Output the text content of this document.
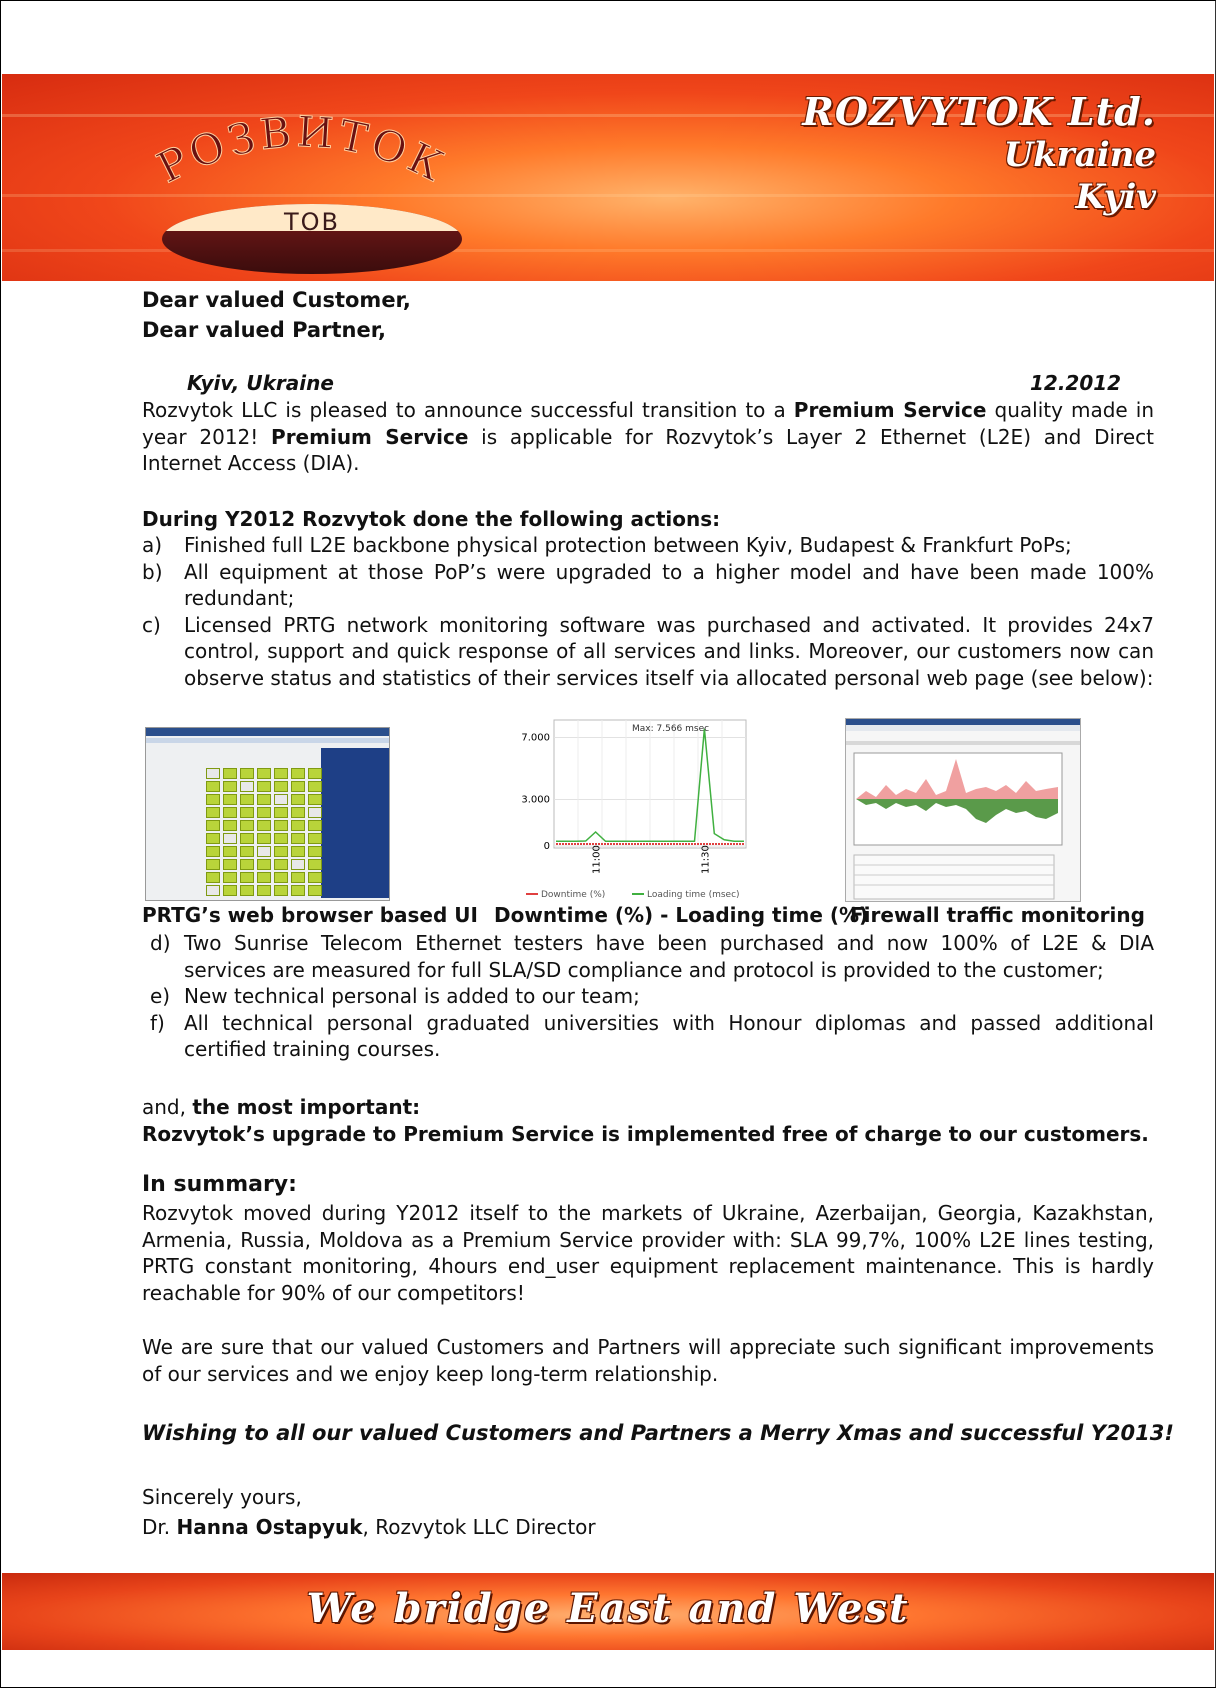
РОЗВИТОК
ТОВ
ROZVYTOK Ltd.
Ukraine
Kyiv
Dear valued Customer,
Dear valued Partner,
Kyiv, Ukraine	12.2012
Rozvytok LLC is pleased to announce successful transition to a Premium Service quality made in year 2012! Premium Service is applicable for Rozvytok’s Layer 2 Ethernet (L2E) and Direct Internet Access (DIA).
During Y2012 Rozvytok done the following actions:
a) Finished full L2E backbone physical protection between Kyiv, Budapest & Frankfurt PoPs;
b) All equipment at those PoP’s were upgraded to a higher model and have been made 100% redundant;
c) Licensed PRTG network monitoring software was purchased and activated. It provides 24x7 control, support and quick response of all services and links. Moreover, our customers now can observe status and statistics of their services itself via allocated personal web page (see below):
7.000
3.000
0	11:00	11:30
Max: 7.566 msec
Downtime (%)	Loading time (msec)
PRTG’s web browser based UI Downtime (%) - Loading time (%)
Firewall traffic monitoring
d) Two Sunrise Telecom Ethernet testers have been purchased and now 100% of L2E & DIA services are measured for full SLA/SD compliance and protocol is provided to the customer;
e) New technical personal is added to our team;
f) All technical personal graduated universities with Honour diplomas and passed additional certified training courses.
and, the most important:
Rozvytok’s upgrade to Premium Service is implemented free of charge to our customers.
In summary:
Rozvytok moved during Y2012 itself to the markets of Ukraine, Azerbaijan, Georgia, Kazakhstan, Armenia, Russia, Moldova as a Premium Service provider with: SLA 99,7%, 100% L2E lines testing, PRTG constant monitoring, 4hours end_user equipment replacement maintenance. This is hardly reachable for 90% of our competitors!
We are sure that our valued Customers and Partners will appreciate such significant improvements of our services and we enjoy keep long-term relationship.
Wishing to all our valued Customers and Partners a Merry Xmas and successful Y2013!
Sincerely yours,
Dr. Hanna Ostapyuk, Rozvytok LLC Director
We bridge East and West
